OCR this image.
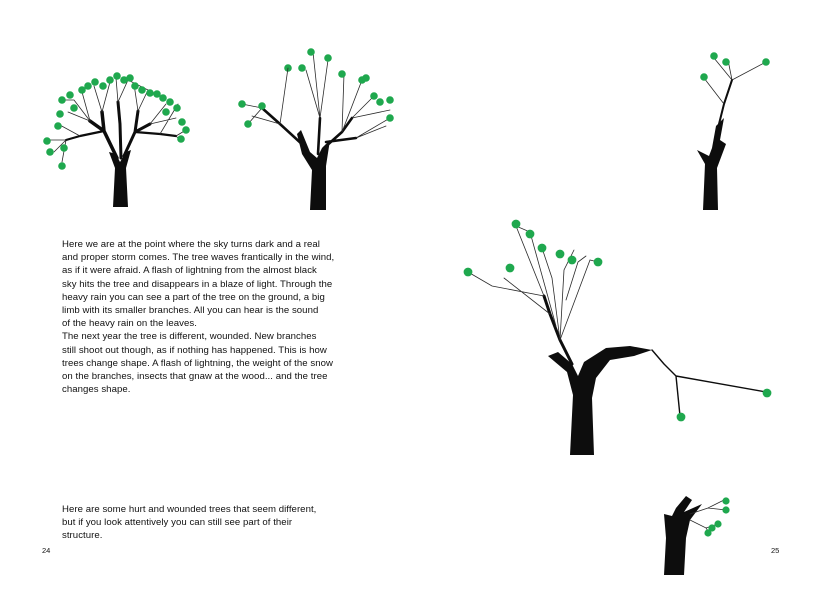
Here we are at the point where the sky turns dark and a real
and proper storm comes. The tree waves frantically in the wind,
as if it were afraid. A flash of lightning from the almost black
sky hits the tree and disappears in a blaze of light. Through the
heavy rain you can see a part of the tree on the ground, a big
limb with its smaller branches. All you can hear is the sound
of the heavy rain on the leaves.
The next year the tree is different, wounded. New branches
still shoot out though, as if nothing has happened. This is how
trees change shape. A flash of lightning, the weight of the snow
on the branches, insects that gnaw at the wood... and the tree
changes shape.
Here are some hurt and wounded trees that seem different,
but if you look attentively you can still see part of their
structure.
24	25
